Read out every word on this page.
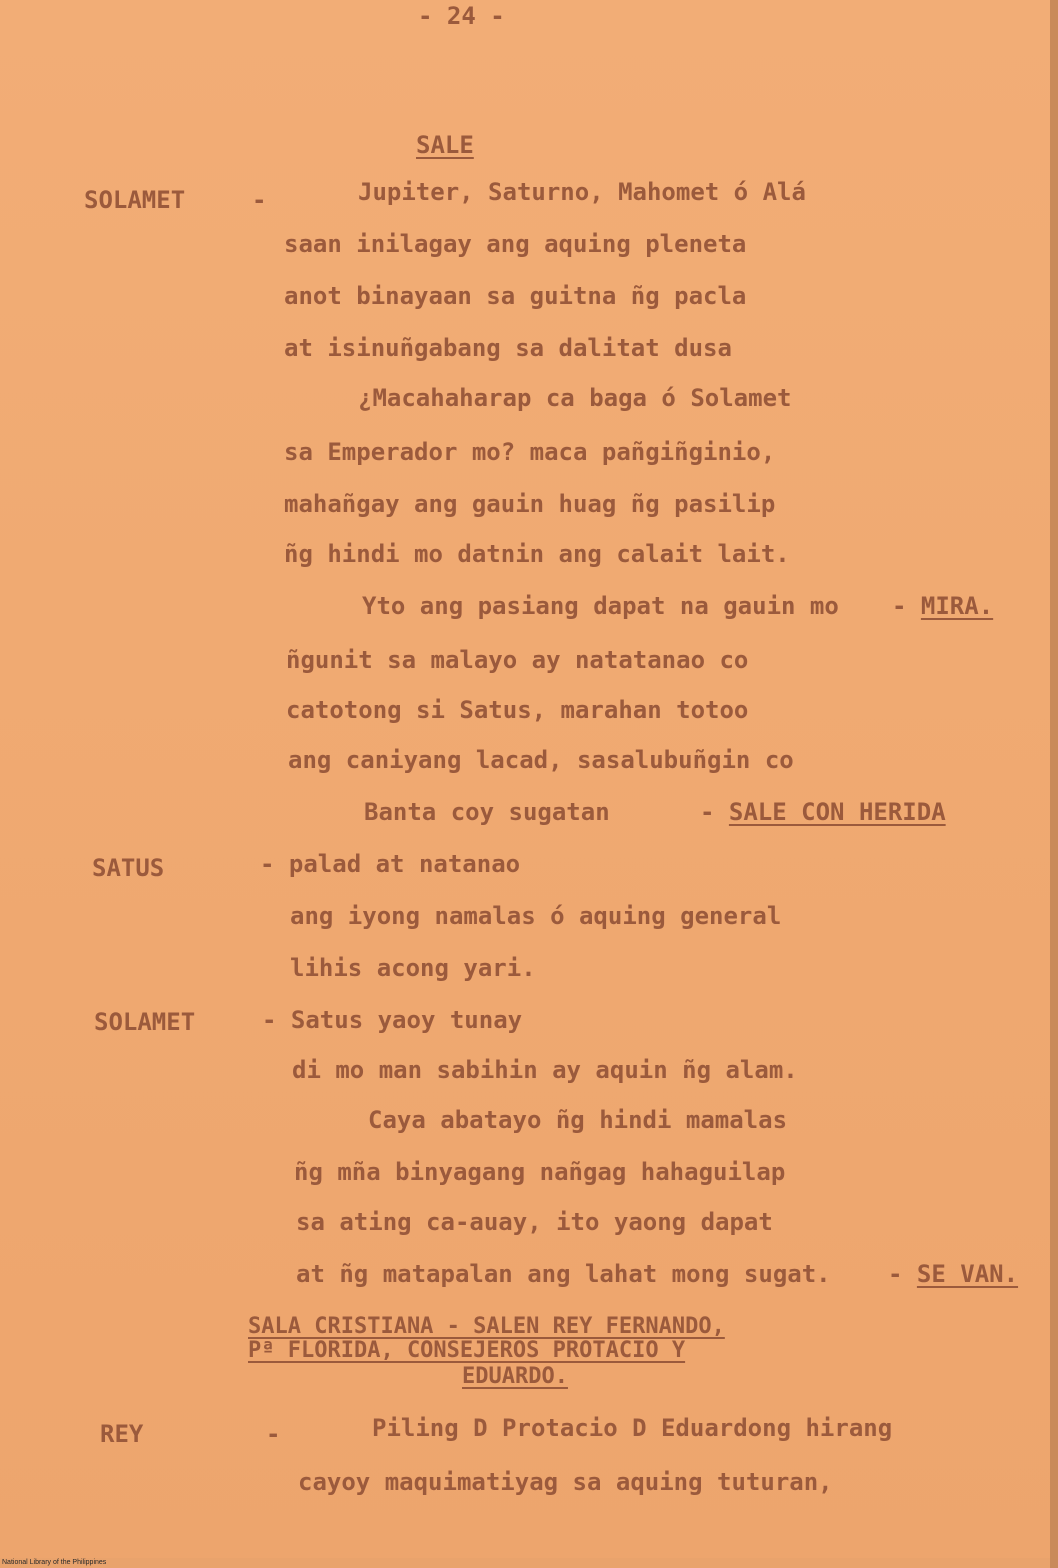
- 24 -
SALE
SOLAMET	-	Jupiter, Saturno, Mahomet ó Alá
saan inilagay ang aquing pleneta
anot binayaan sa guitna ñg pacla
at isinuñgabang sa dalitat dusa
¿Macahaharap ca baga ó Solamet
sa Emperador mo? maca pañgiñginio,
mahañgay ang gauin huag ñg pasilip
ñg hindi mo datnin ang calait lait.
Yto ang pasiang dapat na gauin mo - MIRA.
ñgunit sa malayo ay natatanao co
catotong si Satus, marahan totoo
ang caniyang lacad, sasalubuñgin co
Banta coy sugatan	- SALE CON HERIDA
SATUS	- palad at natanao
ang iyong namalas ó aquing general
lihis acong yari.
SOLAMET	- Satus yaoy tunay
di mo man sabihin ay aquin ñg alam.
Caya abatayo ñg hindi mamalas
ñg mña binyagang nañgag hahaguilap
sa ating ca-auay, ito yaong dapat
at ñg matapalan ang lahat mong sugat. - SE VAN.
SALA CRISTIANA - SALEN REY FERNANDO,
Pª FLORIDA, CONSEJEROS PROTACIO Y
EDUARDO.
REY	-	Piling D Protacio D Eduardong hirang
cayoy maquimatiyag sa aquing tuturan,
National Library of the Philippines
